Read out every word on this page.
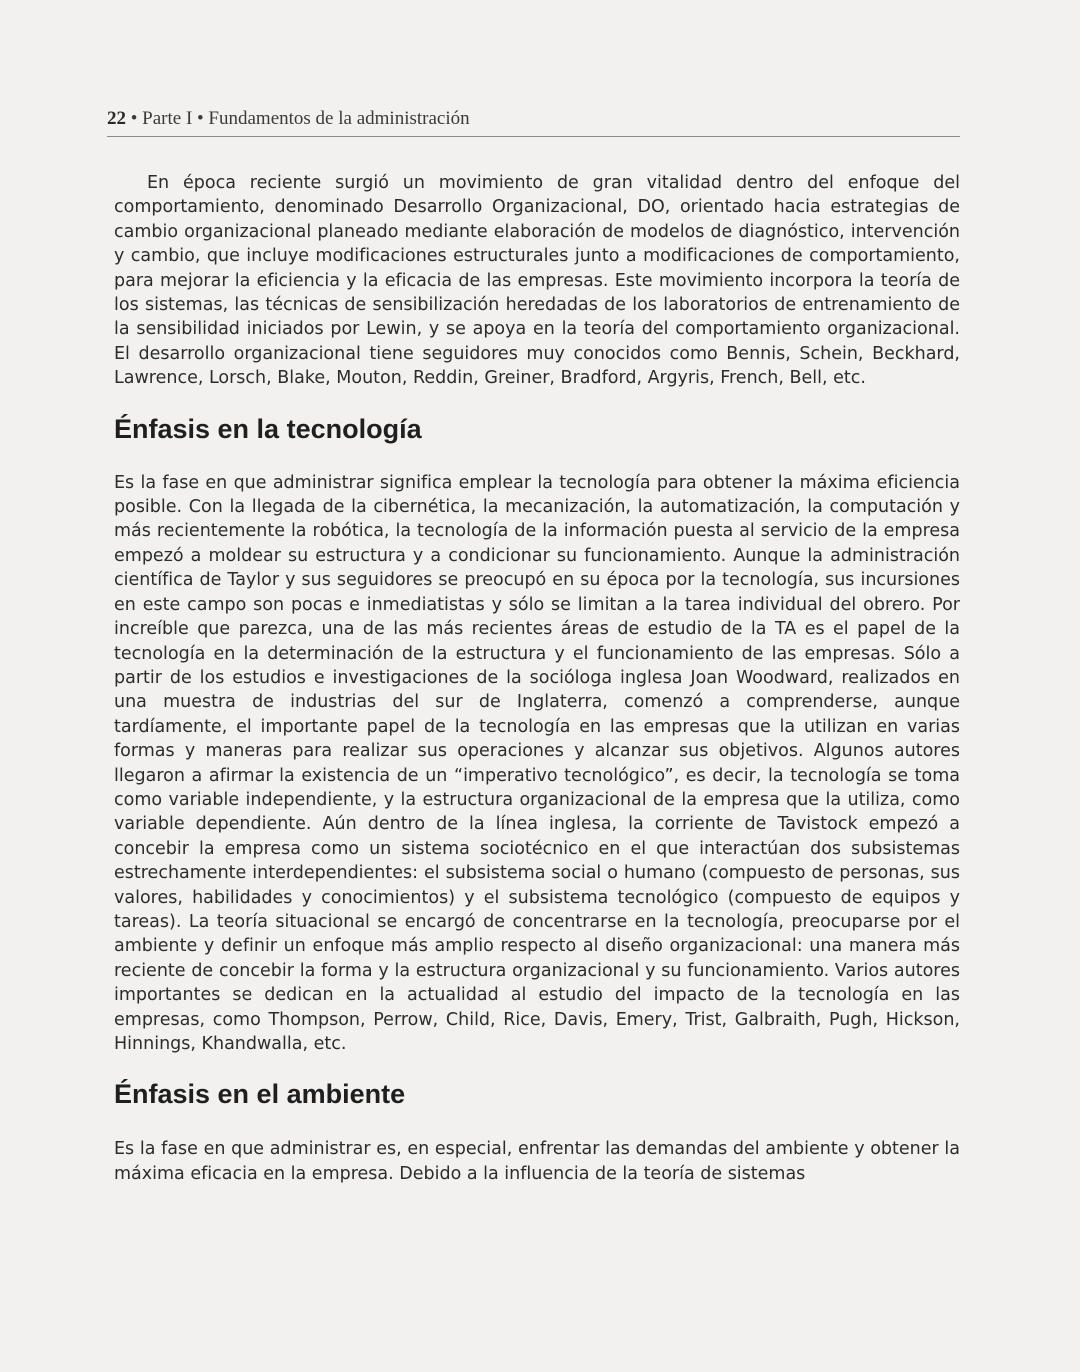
22 • Parte I • Fundamentos de la administración

En época reciente surgió un movimiento de gran vitalidad dentro del enfoque del comportamiento, denominado Desarrollo Organizacional, DO, orientado hacia estrategias de cambio organizacional planeado mediante elaboración de modelos de diagnóstico, intervención y cambio, que incluye modificaciones estructurales junto a modificaciones de comportamiento, para mejorar la eficiencia y la eficacia de las empresas. Este movimiento incorpora la teoría de los sistemas, las técnicas de sensibilización heredadas de los laboratorios de entrenamiento de la sensibilidad iniciados por Lewin, y se apoya en la teoría del comportamiento organizacional. El desarrollo organizacional tiene seguidores muy conocidos como Bennis, Schein, Beckhard, Lawrence, Lorsch, Blake, Mouton, Reddin, Greiner, Bradford, Argyris, French, Bell, etc.

Énfasis en la tecnología

Es la fase en que administrar significa emplear la tecnología para obtener la máxima eficiencia posible. Con la llegada de la cibernética, la mecanización, la automatización, la computación y más recientemente la robótica, la tecnología de la información puesta al servicio de la empresa empezó a moldear su estructura y a condicionar su funcionamiento. Aunque la administración científica de Taylor y sus seguidores se preocupó en su época por la tecnología, sus incursiones en este campo son pocas e inmediatistas y sólo se limitan a la tarea individual del obrero. Por increíble que parezca, una de las más recientes áreas de estudio de la TA es el papel de la tecnología en la determinación de la estructura y el funcionamiento de las empresas. Sólo a partir de los estudios e investigaciones de la socióloga inglesa Joan Woodward, realizados en una muestra de industrias del sur de Inglaterra, comenzó a comprenderse, aunque tardíamente, el importante papel de la tecnología en las empresas que la utilizan en varias formas y maneras para realizar sus operaciones y alcanzar sus objetivos. Algunos autores llegaron a afirmar la existencia de un “imperativo tecnológico”, es decir, la tecnología se toma como variable independiente, y la estructura organizacional de la empresa que la utiliza, como variable dependiente. Aún dentro de la línea inglesa, la corriente de Tavistock empezó a concebir la empresa como un sistema sociotécnico en el que interactúan dos subsistemas estrechamente interdependientes: el subsistema social o humano (compuesto de personas, sus valores, habilidades y conocimientos) y el subsistema tecnológico (compuesto de equipos y tareas). La teoría situacional se encargó de concentrarse en la tecnología, preocuparse por el ambiente y definir un enfoque más amplio respecto al diseño organizacional: una manera más reciente de concebir la forma y la estructura organizacional y su funcionamiento. Varios autores importantes se dedican en la actualidad al estudio del impacto de la tecnología en las empresas, como Thompson, Perrow, Child, Rice, Davis, Emery, Trist, Galbraith, Pugh, Hickson, Hinnings, Khandwalla, etc.

Énfasis en el ambiente

Es la fase en que administrar es, en especial, enfrentar las demandas del ambiente y obtener la máxima eficacia en la empresa. Debido a la influencia de la teoría de sistemas
